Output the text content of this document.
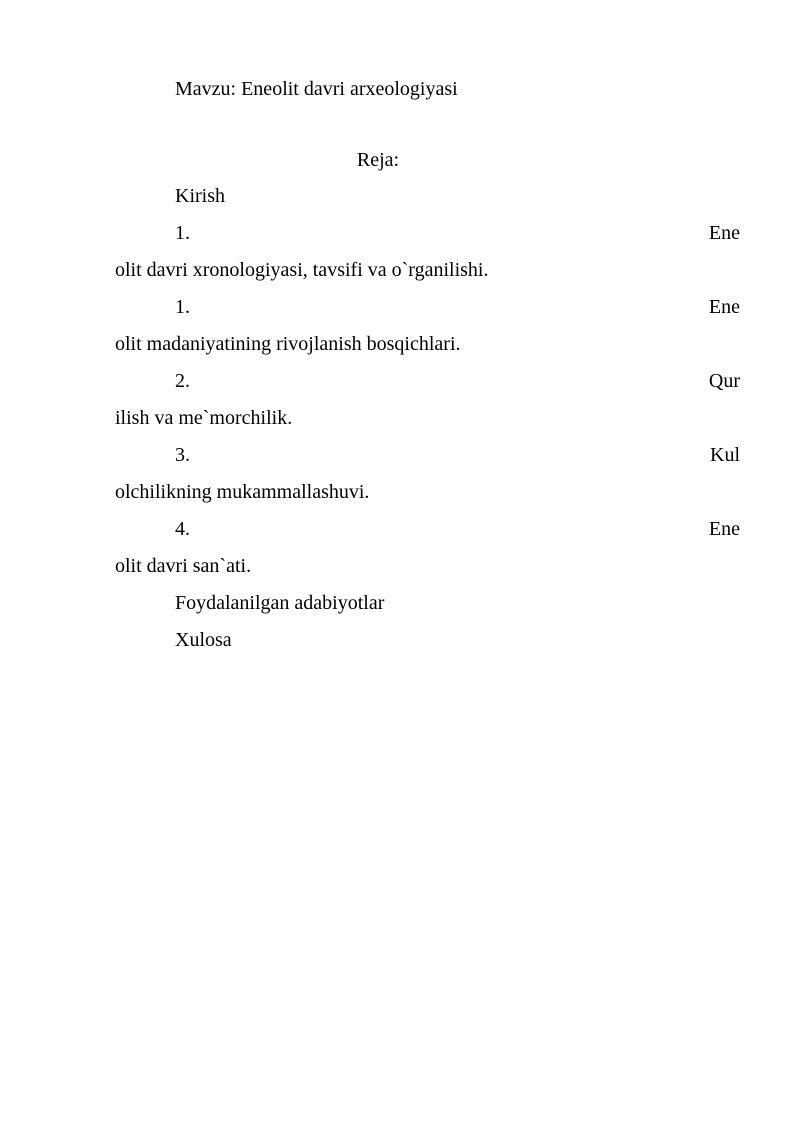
Mavzu: Eneolit davri arxeologiyasi
Reja:
Kirish
1.	Ene
olit davri xronologiyasi, tavsifi va o`rganilishi.
1.	Ene
olit madaniyatining rivojlanish bosqichlari.
2.	Qur
ilish va me`morchilik.
3.	Kul
olchilikning mukammallashuvi.
4.	Ene
olit davri san`ati.
Foydalanilgan adabiyotlar
Xulosa
